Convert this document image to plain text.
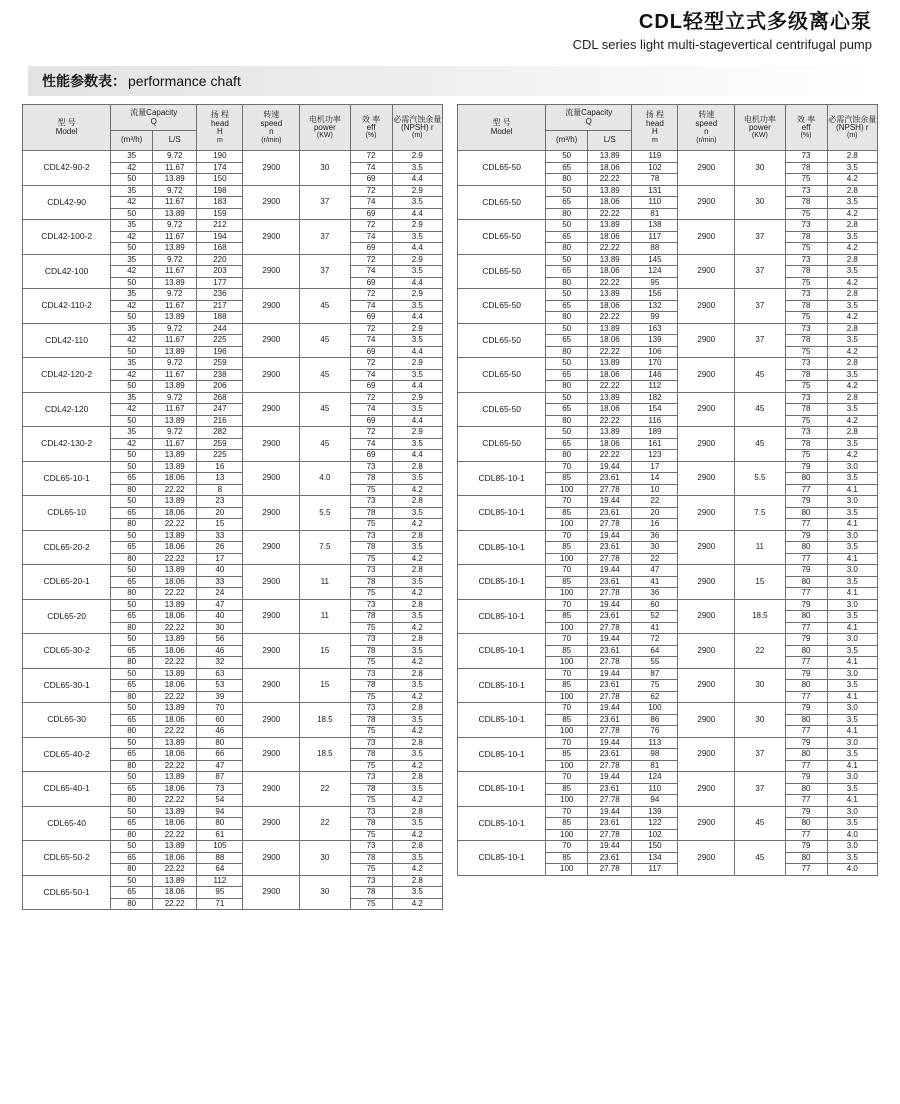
CDL轻型立式多级离心泵
CDL series light multi-stagevertical centrifugal pump
性能参数表： performance chaft
型 号
Model	流量Capacity
Q		扬 程
head
H
m	转速
speed
n
(r/min)	电机功率
power
(KW)	效 率
eff
(%)	必需汽蚀余量
(NPSH) r
(m)

	(m³/h)	L/S					
CDL42-90-2	35	9.72	190	2900	30	72	2.9
	42	11.67	174			74	3.5
	50	13.89	150			69	4.4
CDL42-90	35	9.72	198	2900	37	72	2.9
	42	11.67	183			74	3.5
	50	13.89	159			69	4.4
CDL42-100-2	35	9.72	212	2900	37	72	2.9
	42	11.67	194			74	3.5
	50	13.89	168			69	4.4
CDL42-100	35	9.72	220	2900	37	72	2.9
	42	11.67	203			74	3.5
	50	13.89	177			69	4.4
CDL42-110-2	35	9.72	236	2900	45	72	2.9
	42	11.67	217			74	3.5
	50	13.89	188			69	4.4
CDL42-110	35	9.72	244	2900	45	72	2.9
	42	11.67	225			74	3.5
	50	13.89	196			69	4.4
CDL42-120-2	35	9.72	259	2900	45	72	2.9
	42	11.67	238			74	3.5
	50	13.89	206			69	4.4
CDL42-120	35	9.72	268	2900	45	72	2.9
	42	11.67	247			74	3.5
	50	13.89	216			69	4.4
CDL42-130-2	35	9.72	282	2900	45	72	2.9
	42	11.67	259			74	3.5
	50	13.89	225			69	4.4
CDL65-10-1	50	13.89	16	2900	4.0	73	2.8
	65	18.06	13			78	3.5
	80	22.22	8			75	4.2
CDL65-10	50	13.89	23	2900	5.5	73	2.8
	65	18.06	20			78	3.5
	80	22.22	15			75	4.2
CDL65-20-2	50	13.89	33	2900	7.5	73	2.8
	65	18.06	26			78	3.5
	80	22.22	17			75	4.2
CDL65-20-1	50	13.89	40	2900	11	73	2.8
	65	18.06	33			78	3.5
	80	22.22	24			75	4.2
CDL65-20	50	13.89	47	2900	11	73	2.8
	65	18.06	40			78	3.5
	80	22.22	30			75	4.2
CDL65-30-2	50	13.89	56	2900	15	73	2.8
	65	18.06	46			78	3.5
	80	22.22	32			75	4.2
CDL65-30-1	50	13.89	63	2900	15	73	2.8
	65	18.06	53			78	3.5
	80	22.22	39			75	4.2
CDL65-30	50	13.89	70	2900	18.5	73	2.8
	65	18.06	60			78	3.5
	80	22.22	46			75	4.2
CDL65-40-2	50	13.89	80	2900	18.5	73	2.8
	65	18.06	66			78	3.5
	80	22.22	47			75	4.2
CDL65-40-1	50	13.89	87	2900	22	73	2.8
	65	18.06	73			78	3.5
	80	22.22	54			75	4.2
CDL65-40	50	13.89	94	2900	22	73	2.8
	65	18.06	80			78	3.5
	80	22.22	61			75	4.2
CDL65-50-2	50	13.89	105	2900	30	73	2.8
	65	18.06	88			78	3.5
	80	22.22	64			75	4.2
CDL65-50-1	50	13.89	112	2900	30	73	2.8
	65	18.06	95			78	3.5
	80	22.22	71			75	4.2
型 号
Model	流量Capacity
Q		扬 程
head
H
m	转速
speed
n
(r/min)	电机功率
power
(KW)	效 率
eff
(%)	必需汽蚀余量
(NPSH) r
(m)

	(m³/h)	L/S					
CDL65-50	50	13.89	119	2900	30	73	2.8
	65	18.06	102			78	3.5
	80	22.22	78			75	4.2
CDL65-50	50	13.89	131	2900	30	73	2.8
	65	18.06	110			78	3.5
	80	22.22	81			75	4.2
CDL65-50	50	13.89	138	2900	37	73	2.8
	65	18.06	117			78	3.5
	80	22.22	88			75	4.2
CDL65-50	50	13.89	145	2900	37	73	2.8
	65	18.06	124			78	3.5
	80	22.22	95			75	4.2
CDL65-50	50	13.89	156	2900	37	73	2.8
	65	18.06	132			78	3.5
	80	22.22	99			75	4.2
CDL65-50	50	13.89	163	2900	37	73	2.8
	65	18.06	139			78	3.5
	80	22.22	106			75	4.2
CDL65-50	50	13.89	170	2900	45	73	2.8
	65	18.06	146			78	3.5
	80	22.22	112			75	4.2
CDL65-50	50	13.89	182	2900	45	73	2.8
	65	18.06	154			78	3.5
	80	22.22	116			75	4.2
CDL65-50	50	13.89	189	2900	45	73	2.8
	65	18.06	161			78	3.5
	80	22.22	123			75	4.2
CDL85-10-1	70	19.44	17	2900	5.5	79	3.0
	85	23.61	14			80	3.5
	100	27.78	10			77	4.1
CDL85-10-1	70	19.44	22	2900	7.5	79	3.0
	85	23.61	20			80	3.5
	100	27.78	16			77	4.1
CDL85-10-1	70	19.44	36	2900	11	79	3.0
	85	23.61	30			80	3.5
	100	27.78	22			77	4.1
CDL85-10-1	70	19.44	47	2900	15	79	3.0
	85	23.61	41			80	3.5
	100	27.78	36			77	4.1
CDL85-10-1	70	19.44	60	2900	18.5	79	3.0
	85	23.61	52			80	3.5
	100	27.78	41			77	4.1
CDL85-10-1	70	19.44	72	2900	22	79	3.0
	85	23.61	64			80	3.5
	100	27.78	55			77	4.1
CDL85-10-1	70	19.44	87	2900	30	79	3.0
	85	23.61	75			80	3.5
	100	27.78	62			77	4.1
CDL85-10-1	70	19.44	100	2900	30	79	3.0
	85	23.61	86			80	3.5
	100	27.78	76			77	4.1
CDL85-10-1	70	19.44	113	2900	37	79	3.0
	85	23.61	98			80	3.5
	100	27.78	81			77	4.1
CDL85-10-1	70	19.44	124	2900	37	79	3.0
	85	23.61	110			80	3.5
	100	27.78	94			77	4.1
CDL85-10-1	70	19.44	139	2900	45	79	3.0
	85	23.61	122			80	3.5
	100	27.78	102			77	4.0
CDL85-10-1	70	19.44	150	2900	45	79	3.0
	85	23.61	134			80	3.5
	100	27.78	117			77	4.0
